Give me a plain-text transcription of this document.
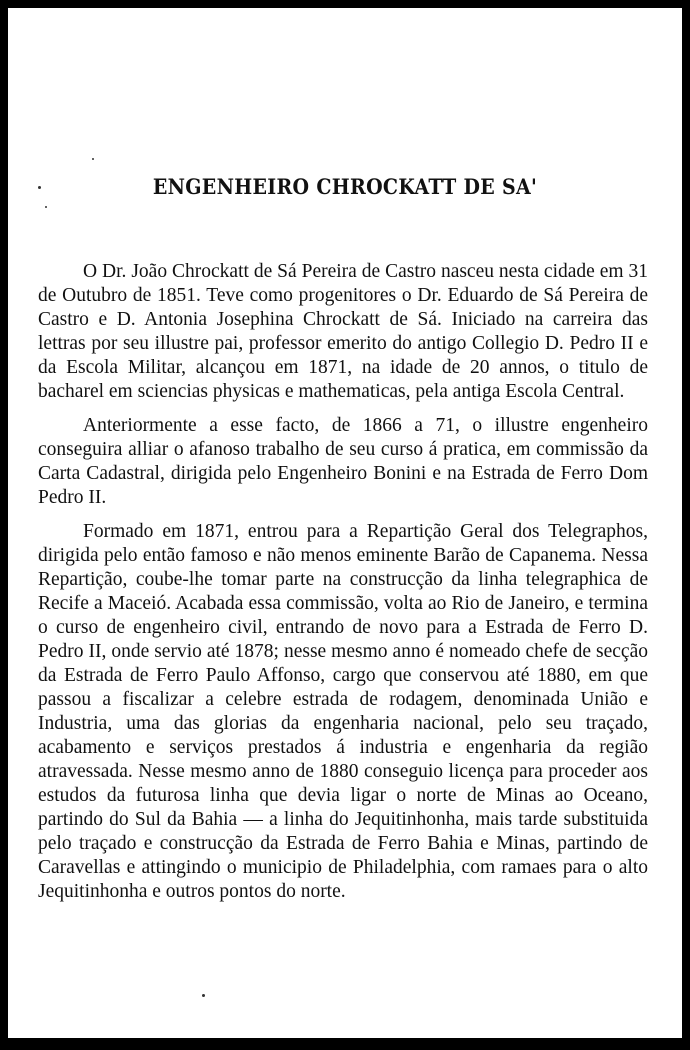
ENGENHEIRO CHROCKATT DE SA'

O Dr. João Chrockatt de Sá Pereira de Castro nasceu nesta cidade em 31 de Outubro de 1851. Teve como progenitores o Dr. Eduardo de Sá Pereira de Castro e D. Antonia Josephina Chrockatt de Sá. Iniciado na carreira das lettras por seu illustre pai, professor emerito do antigo Collegio D. Pedro II e da Escola Militar, alcançou em 1871, na idade de 20 annos, o titulo de bacharel em sciencias physicas e mathematicas, pela antiga Escola Central.

Anteriormente a esse facto, de 1866 a 71, o illustre engenheiro conseguira alliar o afanoso trabalho de seu curso á pratica, em commissão da Carta Cadastral, dirigida pelo Engenheiro Bonini e na Estrada de Ferro Dom Pedro II.

Formado em 1871, entrou para a Repartição Geral dos Telegraphos, dirigida pelo então famoso e não menos eminente Barão de Capanema. Nessa Repartição, coube-lhe tomar parte na construcção da linha telegraphica de Recife a Maceió. Acabada essa commissão, volta ao Rio de Janeiro, e termina o curso de engenheiro civil, entrando de novo para a Estrada de Ferro D. Pedro II, onde servio até 1878; nesse mesmo anno é nomeado chefe de secção da Estrada de Ferro Paulo Affonso, cargo que conservou até 1880, em que passou a fiscalizar a celebre estrada de rodagem, denominada União e Industria, uma das glorias da engenharia nacional, pelo seu traçado, acabamento e serviços prestados á industria e engenharia da região atravessada. Nesse mesmo anno de 1880 conseguio licença para proceder aos estudos da futurosa linha que devia ligar o norte de Minas ao Oceano, partindo do Sul da Bahia — a linha do Jequitinhonha, mais tarde substituida pelo traçado e construcção da Estrada de Ferro Bahia e Minas, partindo de Caravellas e attingindo o municipio de Philadelphia, com ramaes para o alto Jequitinhonha e outros pontos do norte.
